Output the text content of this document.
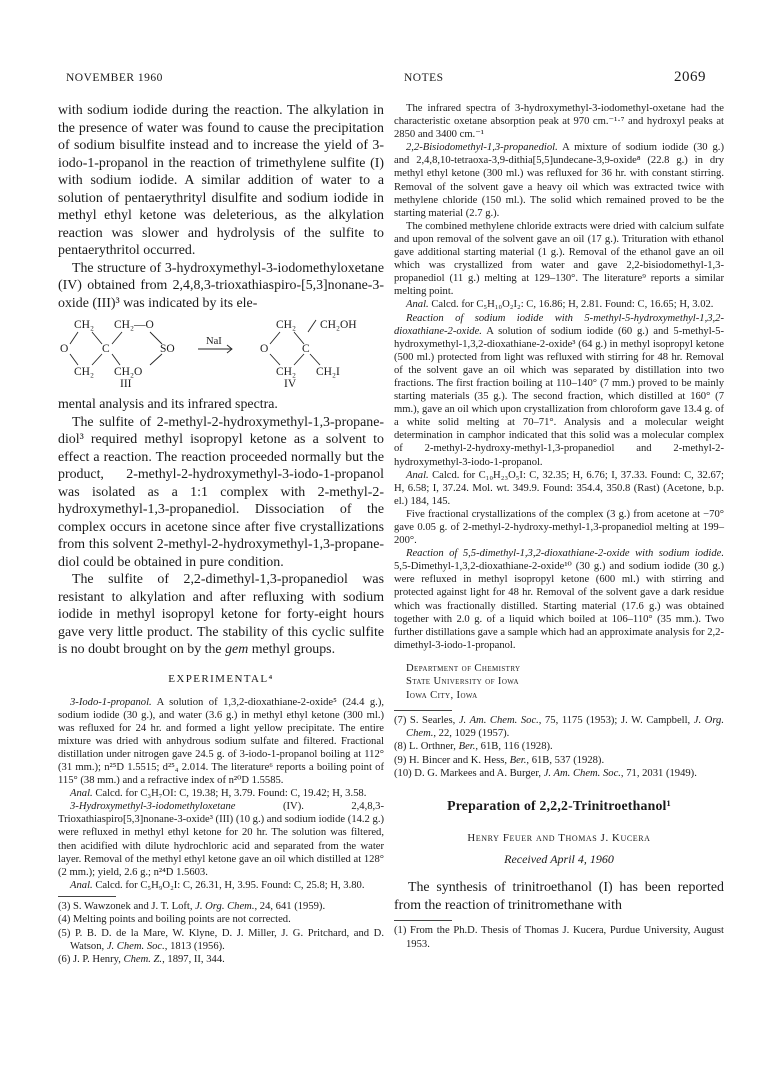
NOVEMBER 1960	NOTES	2069

with sodium iodide during the reaction. The alkylation in the presence of water was found to cause the precipitation of sodium bisulfite instead and to increase the yield of 3-iodo-1-propanol in the reaction of trimethylene sulfite (I) with sodium iodide. A similar addition of water to a solution of pentaerythrityl disulfite and sodium iodide in methyl ethyl ketone was deleterious, as the alkylation reaction was slower and hydrolysis of the sulfite to pentaerythritol occurred.

The structure of 3-hydroxymethyl-3-iodomethyloxetane (IV) obtained from 2,4,8,3-trioxathiaspiro-[5,3]nonane-3-oxide (III)³ was indicated by its ele-

CH₂ CH₂—O
O	C	SO
CH₂ CH₂O
NaI
CH₂ CH₂OH
O	C
CH₂ CH₂I
III	IV

mental analysis and its infrared spectra.

The sulfite of 2-methyl-2-hydroxymethyl-1,3-propane-diol³ required methyl isopropyl ketone as a solvent to effect a reaction. The reaction proceeded normally but the product, 2-methyl-2-hydroxymethyl-3-iodo-1-propanol was isolated as a 1:1 complex with 2-methyl-2-hydroxymethyl-1,3-propanediol. Dissociation of the complex occurs in acetone since after five crystallizations from this solvent 2-methyl-2-hydroxymethyl-1,3-propane-diol could be obtained in pure condition.

The sulfite of 2,2-dimethyl-1,3-propanediol was resistant to alkylation and after refluxing with sodium iodide in methyl isopropyl ketone for forty-eight hours gave very little product. The stability of this cyclic sulfite is no doubt brought on by the gem methyl groups.

EXPERIMENTAL⁴

3-Iodo-1-propanol. A solution of 1,3,2-dioxathiane-2-oxide⁵ (24.4 g.), sodium iodide (30 g.), and water (3.6 g.) in methyl ethyl ketone (300 ml.) was refluxed for 24 hr. and formed a light yellow precipitate. The entire mixture was dried with anhydrous sodium sulfate and filtered. Fractional distillation under nitrogen gave 24.5 g. of 3-iodo-1-propanol boiling at 112° (31 mm.); n²⁵D 1.5515; d²⁵₄ 2.014. The literature⁶ reports a boiling point of 115° (38 mm.) and a refractive index of n²⁰D 1.5585.

Anal. Calcd. for C₃H₇OI: C, 19.38; H, 3.79. Found: C, 19.42; H, 3.58.

3-Hydroxymethyl-3-iodomethyloxetane (IV). 2,4,8,3-Trioxathiaspiro[5,3]nonane-3-oxide³ (III) (10 g.) and sodium iodide (14.2 g.) were refluxed in methyl ethyl ketone for 20 hr. The solution was filtered, then acidified with dilute hydrochloric acid and separated from the water layer. Removal of the methyl ethyl ketone gave an oil which distilled at 128° (2 mm.); yield, 2.6 g.; n²⁴D 1.5603.

Anal. Calcd. for C₅H₉O₂I: C, 26.31, H, 3.95. Found: C, 25.8; H, 3.80.

(3) S. Wawzonek and J. T. Loft, J. Org. Chem., 24, 641 (1959).

(4) Melting points and boiling points are not corrected.

(5) P. B. D. de la Mare, W. Klyne, D. J. Miller, J. G. Pritchard, and D. Watson, J. Chem. Soc., 1813 (1956).

(6) J. P. Henry, Chem. Z., 1897, II, 344.

The infrared spectra of 3-hydroxymethyl-3-iodomethyl-oxetane had the characteristic oxetane absorption peak at 970 cm.⁻¹·⁷ and hydroxyl peaks at 2850 and 3400 cm.⁻¹

2,2-Bisiodomethyl-1,3-propanediol. A mixture of sodium iodide (30 g.) and 2,4,8,10-tetraoxa-3,9-dithia[5,5]undecane-3,9-oxide⁸ (22.8 g.) in dry methyl ethyl ketone (300 ml.) was refluxed for 36 hr. with constant stirring. Removal of the solvent gave a heavy oil which was extracted twice with methylene chloride (150 ml.). The solid which remained proved to be the starting material (2.7 g.).

The combined methylene chloride extracts were dried with calcium sulfate and upon removal of the solvent gave an oil (17 g.). Trituration with ethanol gave additional starting material (1 g.). Removal of the ethanol gave an oil which was crystallized from water and gave 2,2-bisiodomethyl-1,3-propanediol (11 g.) melting at 129–130°. The literature⁹ reports a similar melting point.

Anal. Calcd. for C₅H₁₀O₂I₂: C, 16.86; H, 2.81. Found: C, 16.65; H, 3.02.

Reaction of sodium iodide with 5-methyl-5-hydroxymethyl-1,3,2-dioxathiane-2-oxide. A solution of sodium iodide (60 g.) and 5-methyl-5-hydroxymethyl-1,3,2-dioxathiane-2-oxide³ (64 g.) in methyl isopropyl ketone (500 ml.) protected from light was refluxed with stirring for 48 hr. Removal of the solvent gave an oil which was separated by distillation into two fractions. The first fraction boiling at 110–140° (7 mm.) proved to be mainly starting materials (35 g.). The second fraction, which distilled at 160° (7 mm.), gave an oil which upon crystallization from chloroform gave 13.4 g. of a white solid melting at 70–71°. Analysis and a molecular weight determination in camphor indicated that this solid was a molecular complex of 2-methyl-2-hydroxy-methyl-1,3-propanediol and 2-methyl-2-hydroxymethyl-3-iodo-1-propanol.

Anal. Calcd. for C₁₀H₂₃O₅I: C, 32.35; H, 6.76; I, 37.33. Found: C, 32.67; H, 6.58; I, 37.24. Mol. wt. 349.9. Found: 354.4, 350.8 (Rast) (Acetone, b.p. el.) 184, 145.

Five fractional crystallizations of the complex (3 g.) from acetone at −70° gave 0.05 g. of 2-methyl-2-hydroxy-methyl-1,3-propanediol melting at 199–200°.

Reaction of 5,5-dimethyl-1,3,2-dioxathiane-2-oxide with sodium iodide. 5,5-Dimethyl-1,3,2-dioxathiane-2-oxide¹⁰ (30 g.) and sodium iodide (30 g.) were refluxed in methyl isopropyl ketone (600 ml.) with stirring and protected against light for 48 hr. Removal of the solvent gave a dark residue which was fractionally distilled. Starting material (17.6 g.) was obtained together with 2.0 g. of a liquid which boiled at 106–110° (35 mm.). Two further distillations gave a sample which had an approximate analysis for 2,2-dimethyl-3-iodo-1-propanol.

Department of Chemistry

State University of Iowa

Iowa City, Iowa

(7) S. Searles, J. Am. Chem. Soc., 75, 1175 (1953); J. W. Campbell, J. Org. Chem., 22, 1029 (1957).

(8) L. Orthner, Ber., 61B, 116 (1928).

(9) H. Bincer and K. Hess, Ber., 61B, 537 (1928).

(10) D. G. Markees and A. Burger, J. Am. Chem. Soc., 71, 2031 (1949).

Preparation of 2,2,2-Trinitroethanol¹
Henry Feuer and Thomas J. Kucera
Received April 4, 1960

The synthesis of trinitroethanol (I) has been reported from the reaction of trinitromethane with

(1) From the Ph.D. Thesis of Thomas J. Kucera, Purdue University, August 1953.
